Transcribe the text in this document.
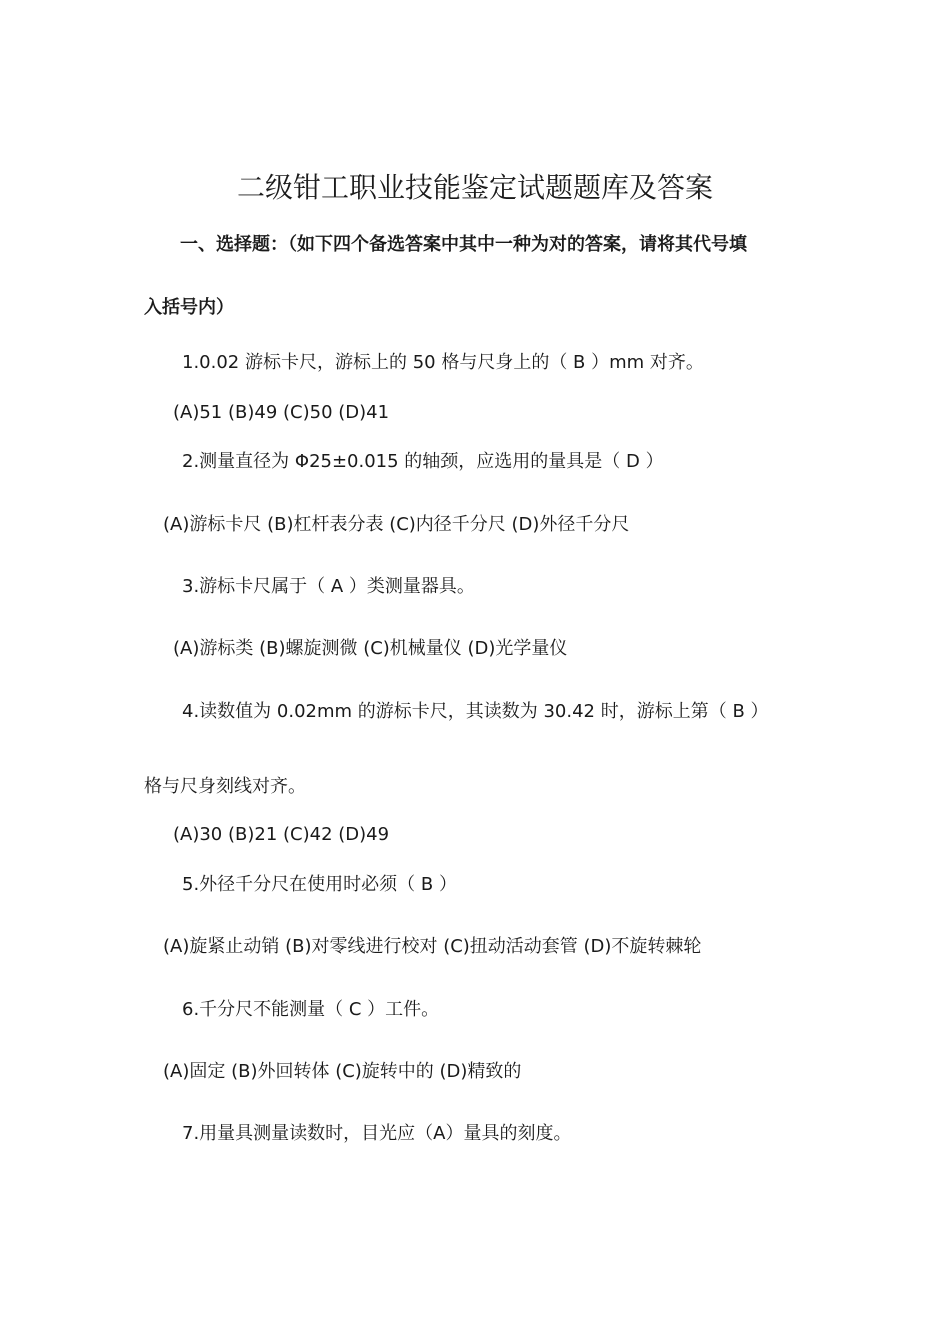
二级钳工职业技能鉴定试题题库及答案
一、选择题：（如下四个备选答案中其中一种为对的答案，请将其代号填
入括号内）
1.0.02 游标卡尺，游标上的 50 格与尺身上的（ B ）mm 对齐。
(A)51 (B)49 (C)50 (D)41
2.测量直径为 Φ25±0.015 的轴颈，应选用的量具是（ D ）
(A)游标卡尺 (B)杠杆表分表 (C)内径千分尺 (D)外径千分尺
3.游标卡尺属于（ A ）类测量器具。
(A)游标类 (B)螺旋测微 (C)机械量仪 (D)光学量仪
4.读数值为 0.02mm 的游标卡尺，其读数为 30.42 时，游标上第（ B ）
格与尺身刻线对齐。
(A)30 (B)21 (C)42 (D)49
5.外径千分尺在使用时必须（ B ）
(A)旋紧止动销 (B)对零线进行校对 (C)扭动活动套管 (D)不旋转棘轮
6.千分尺不能测量（ C ）工件。
(A)固定 (B)外回转体 (C)旋转中的 (D)精致的
7.用量具测量读数时，目光应（A）量具的刻度。
